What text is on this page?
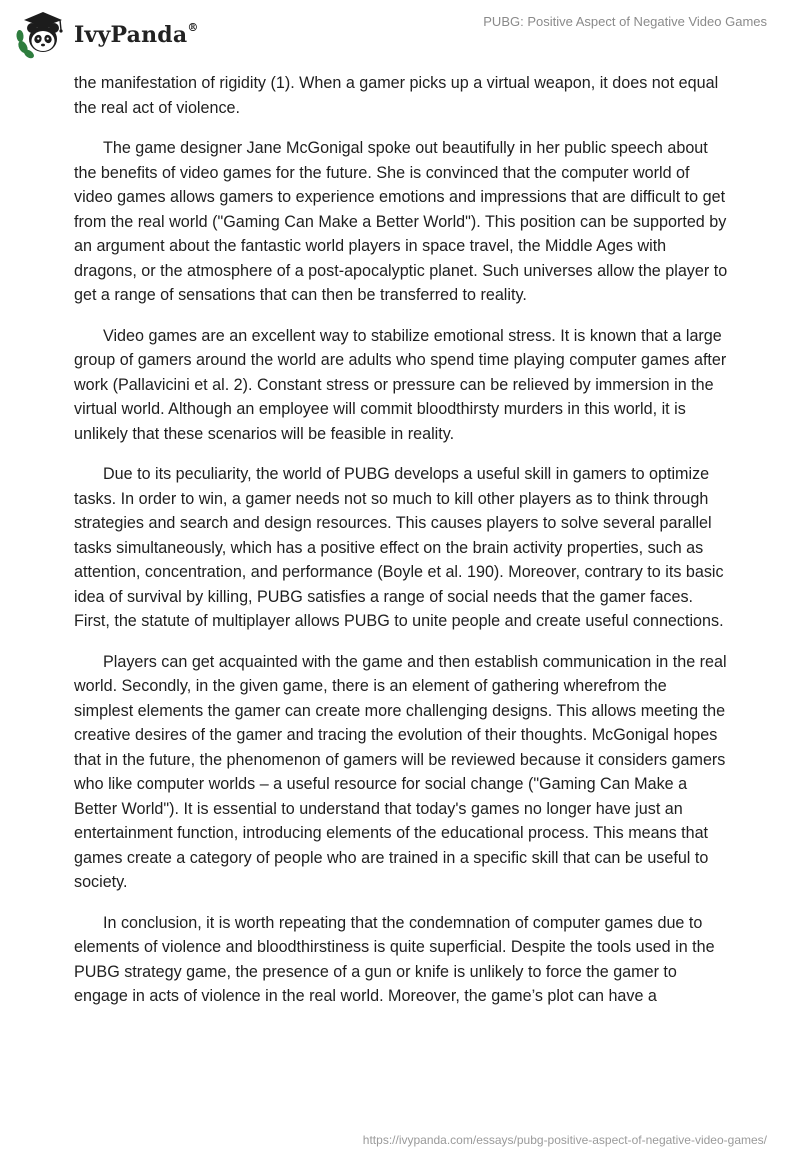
IvyPanda®	PUBG: Positive Aspect of Negative Video Games

the manifestation of rigidity (1). When a gamer picks up a virtual weapon, it does not equal the real act of violence.

The game designer Jane McGonigal spoke out beautifully in her public speech about the benefits of video games for the future. She is convinced that the computer world of video games allows gamers to experience emotions and impressions that are difficult to get from the real world ("Gaming Can Make a Better World"). This position can be supported by an argument about the fantastic world players in space travel, the Middle Ages with dragons, or the atmosphere of a post-apocalyptic planet. Such universes allow the player to get a range of sensations that can then be transferred to reality.

Video games are an excellent way to stabilize emotional stress. It is known that a large group of gamers around the world are adults who spend time playing computer games after work (Pallavicini et al. 2). Constant stress or pressure can be relieved by immersion in the virtual world. Although an employee will commit bloodthirsty murders in this world, it is unlikely that these scenarios will be feasible in reality.

Due to its peculiarity, the world of PUBG develops a useful skill in gamers to optimize tasks. In order to win, a gamer needs not so much to kill other players as to think through strategies and search and design resources. This causes players to solve several parallel tasks simultaneously, which has a positive effect on the brain activity properties, such as attention, concentration, and performance (Boyle et al. 190). Moreover, contrary to its basic idea of survival by killing, PUBG satisfies a range of social needs that the gamer faces. First, the statute of multiplayer allows PUBG to unite people and create useful connections.

Players can get acquainted with the game and then establish communication in the real world. Secondly, in the given game, there is an element of gathering wherefrom the simplest elements the gamer can create more challenging designs. This allows meeting the creative desires of the gamer and tracing the evolution of their thoughts. McGonigal hopes that in the future, the phenomenon of gamers will be reviewed because it considers gamers who like computer worlds – a useful resource for social change ("Gaming Can Make a Better World"). It is essential to understand that today's games no longer have just an entertainment function, introducing elements of the educational process. This means that games create a category of people who are trained in a specific skill that can be useful to society.

In conclusion, it is worth repeating that the condemnation of computer games due to elements of violence and bloodthirstiness is quite superficial. Despite the tools used in the PUBG strategy game, the presence of a gun or knife is unlikely to force the gamer to engage in acts of violence in the real world. Moreover, the game’s plot can have a

https://ivypanda.com/essays/pubg-positive-aspect-of-negative-video-games/
